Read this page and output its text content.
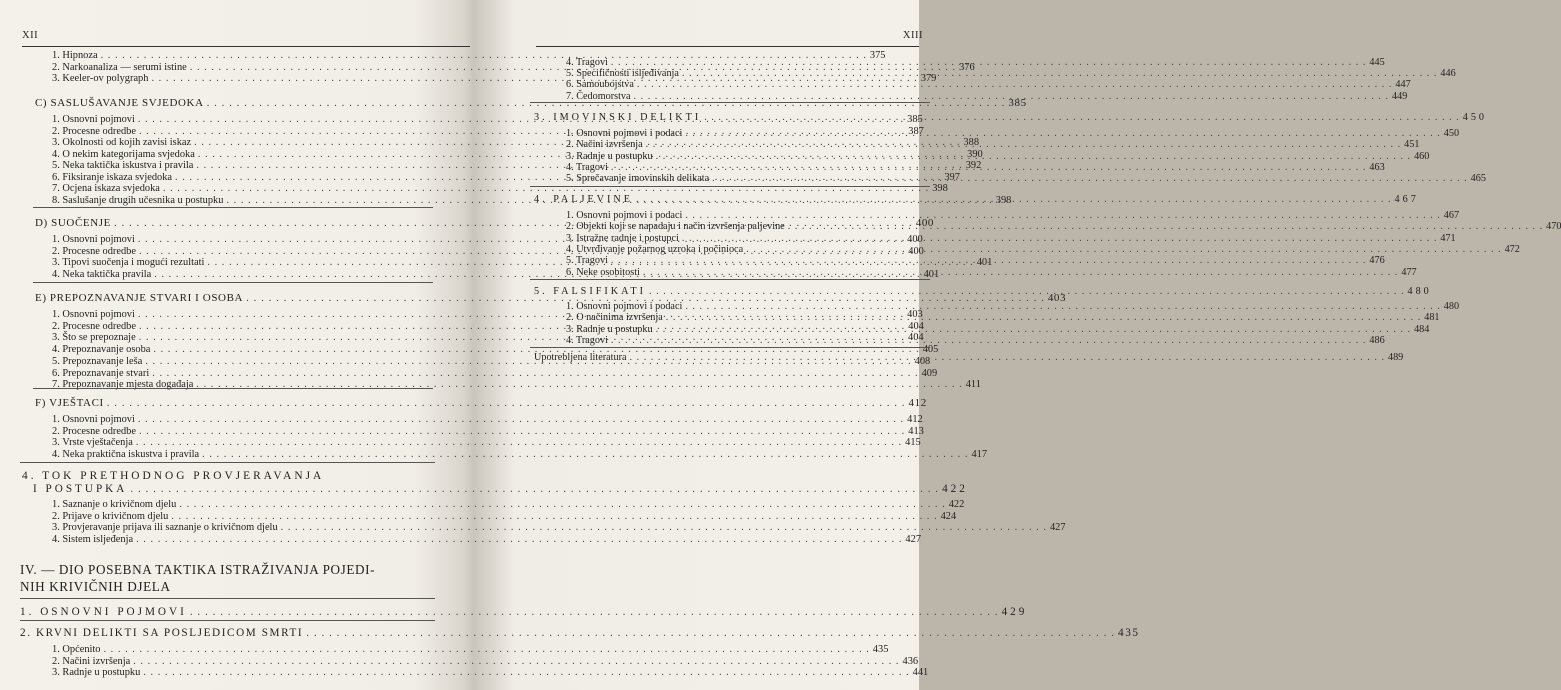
XII
1. Hipnoza . . .	375
2. Narkoanaliza — serumi istine . . .	376
3. Keeler-ov polygraph . . .	379
C) SASLUŠAVANJE SVJEDOKA . . .	385
1. Osnovni pojmovi . . .	385
2. Procesne odredbe . . .	387
3. Okolnosti od kojih zavisi iskaz . . .	388
4. O nekim kategorijama svjedoka . . .	390
5. Neka taktička iskustva i pravila . . .	392
6. Fiksiranje iskaza svjedoka . . .	397
7. Ocjena iskaza svjedoka . . .	398
8. Saslušanje drugih učesnika u postupku . . .	398
D) SUOČENJE . . .	400
1. Osnovni pojmovi . . .	400
2. Procesne odredbe . . .	400
3. Tipovi suočenja i mogući rezultati . . .	401
4. Neka taktička pravila . . .	401
E) PREPOZNAVANJE STVARI I OSOBA . . .	403
1. Osnovni pojmovi . . .	403
2. Procesne odredbe . . .	404
3. Što se prepoznaje . . .	404
4. Prepoznavanje osoba . . .	405
5. Prepoznavanje leša . . .	408
6. Prepoznavanje stvari . . .	409
7. Prepoznavanje mjesta događaja . . .	411
F) VJEŠTACI . . .	412
1. Osnovni pojmovi . . .	412
2. Procesne odredbe . . .	413
3. Vrste vještačenja . . .	415
4. Neka praktična iskustva i pravila . . .	417
4. TOK PRETHODNOG PROVJERAVANJA
I POSTUPKA . . .	422
1. Saznanje o krivičnom djelu . . .	422
2. Prijave o krivičnom djelu . . .	424
3. Provjeravanje prijava ili saznanje o krivičnom djelu . . .	427
4. Sistem isljeđenja . . .	427
IV. — DIO POSEBNA TAKTIKA ISTRAŽIVANJA POJEDI-
NIH KRIVIČNIH DJELA
1. OSNOVNI POJMOVI . . .	429
2. KRVNI DELIKTI SA POSLJEDICOM SMRTI . . .	435
1. Općenito . . .	435
2. Načini izvršenja . . .	436
3. Radnje u postupku . . .	441
XIII
4. Tragovi . . .	445
5. Specifičnosti isljeđivanja . . .	446
6. Samoubojstva . . .	447
7. Čedomorstva . . .	449
3. IMOVINSKI DELIKTI . . .	450
1. Osnovni pojmovi i podaci . . .	450
2. Načini izvršenja . . .	451
3. Radnje u postupku . . .	460
4. Tragovi . . .	463
5. Sprečavanje imovinskih delikata . . .	465
4. PALJEVINE . . .	467
1. Osnovni pojmovi i podaci . . .	467
2. Objekti koji se napadaju i način izvršenja paljevine . . .	470
3. Istražne radnje i postupci . . .	471
4. Utvrđivanje požarnog uzroka i počinioca . . .	472
5. Tragovi . . .	476
6. Neke osobitosti . . .	477
5. FALSIFIKATI . . .	480
1. Osnovni pojmovi i podaci . . .	480
2. O načinima izvršenja . . .	481
3. Radnje u postupku . . .	484
4. Tragovi . . .	486
Upotrebljena literatura . . .	489
